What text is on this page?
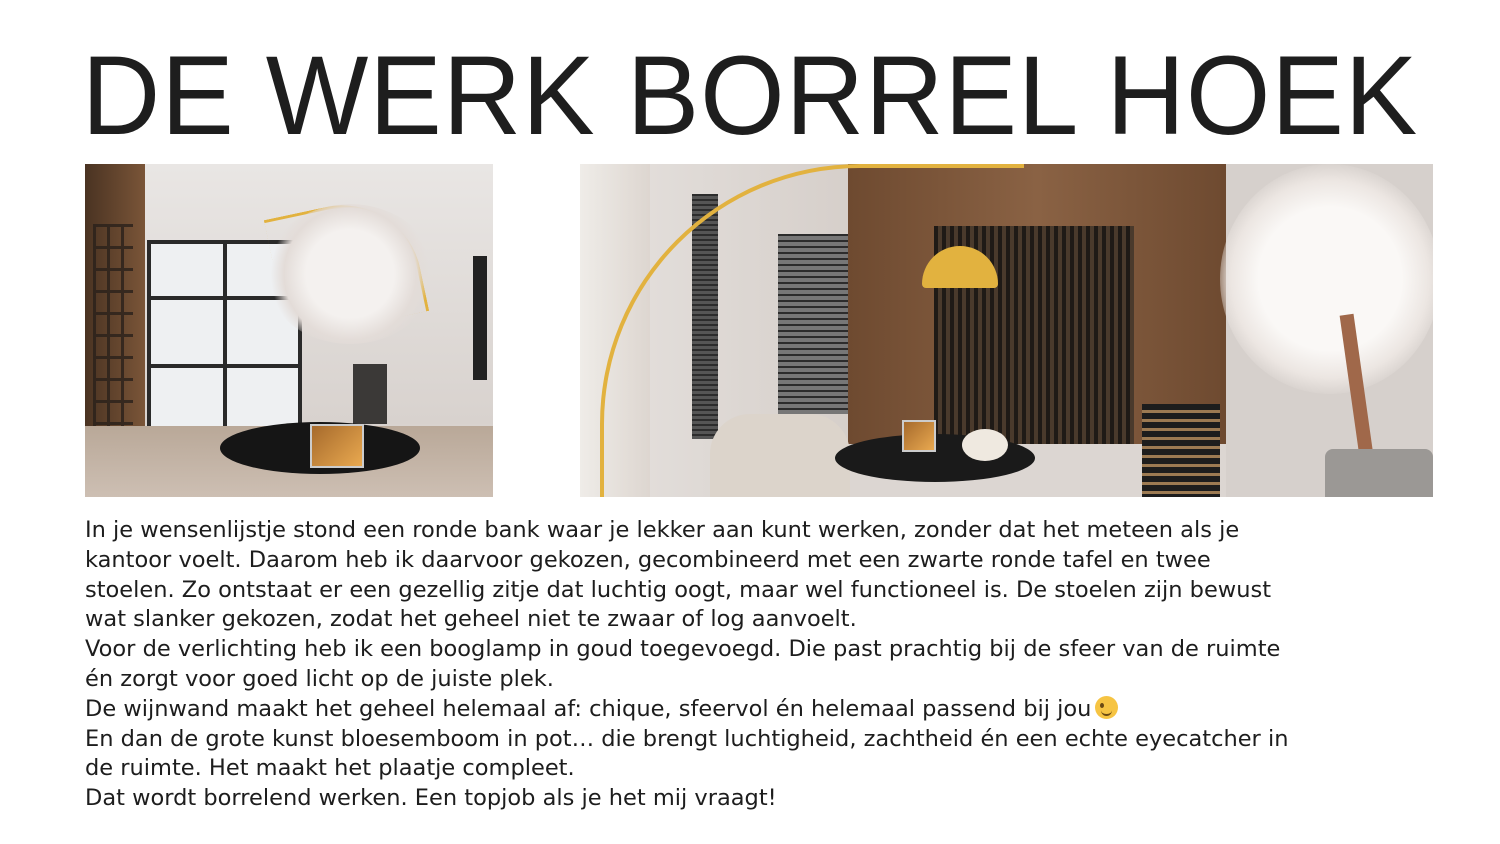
DE WERK BORREL HOEK
In je wensenlijstje stond een ronde bank waar je lekker aan kunt werken, zonder dat het meteen als je
kantoor voelt. Daarom heb ik daarvoor gekozen, gecombineerd met een zwarte ronde tafel en twee
stoelen. Zo ontstaat er een gezellig zitje dat luchtig oogt, maar wel functioneel is. De stoelen zijn bewust
wat slanker gekozen, zodat het geheel niet te zwaar of log aanvoelt.
Voor de verlichting heb ik een booglamp in goud toegevoegd. Die past prachtig bij de sfeer van de ruimte
én zorgt voor goed licht op de juiste plek.
De wijnwand maakt het geheel helemaal af: chique, sfeervol én helemaal passend bij jou
En dan de grote kunst bloesemboom in pot… die brengt luchtigheid, zachtheid én een echte eyecatcher in
de ruimte. Het maakt het plaatje compleet.
Dat wordt borrelend werken. Een topjob als je het mij vraagt!
